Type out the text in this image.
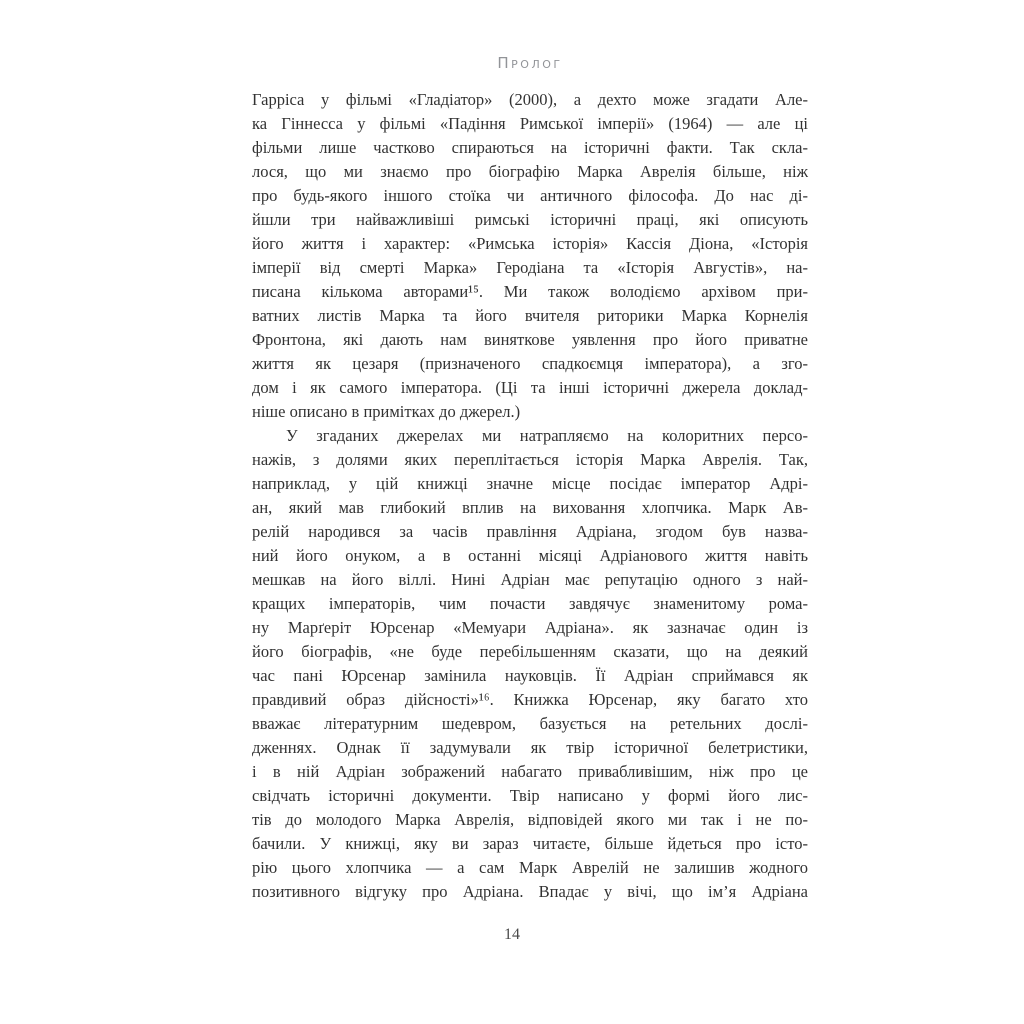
Пролог
Гарріса у фільмі «Гладіатор» (2000), а дехто може згадати Але-
ка Гіннесса у фільмі «Падіння Римської імперії» (1964) — але ці
фільми лише частково спираються на історичні факти. Так скла-
лося, що ми знаємо про біографію Марка Аврелія більше, ніж
про будь-якого іншого стоїка чи античного філософа. До нас ді-
йшли три найважливіші римські історичні праці, які описують
його життя і характер: «Римська історія» Кассія Діона, «Історія
імперії від смерті Марка» Геродіана та «Історія Августів», на-
писана кількома авторами¹⁵. Ми також володіємо архівом при-
ватних листів Марка та його вчителя риторики Марка Корнелія
Фронтона, які дають нам виняткове уявлення про його приватне
життя як цезаря (призначеного спадкоємця імператора), а зго-
дом і як самого імператора. (Ці та інші історичні джерела доклад-
ніше описано в примітках до джерел.)
У згаданих джерелах ми натрапляємо на колоритних персо-
нажів, з долями яких переплітається історія Марка Аврелія. Так,
наприклад, у цій книжці значне місце посідає імператор Адрі-
ан, який мав глибокий вплив на виховання хлопчика. Марк Ав-
релій народився за часів правління Адріана, згодом був назва-
ний його онуком, а в останні місяці Адріанового життя навіть
мешкав на його віллі. Нині Адріан має репутацію одного з най-
кращих імператорів, чим почасти завдячує знаменитому рома-
ну Марґеріт Юрсенар «Мемуари Адріана». як зазначає один із
його біографів, «не буде перебільшенням сказати, що на деякий
час пані Юрсенар замінила науковців. Її Адріан сприймався як
правдивий образ дійсності»¹⁶. Книжка Юрсенар, яку багато хто
вважає літературним шедевром, базується на ретельних дослі-
дженнях. Однак її задумували як твір історичної белетристики,
і в ній Адріан зображений набагато привабливішим, ніж про це
свідчать історичні документи. Твір написано у формі його лис-
тів до молодого Марка Аврелія, відповідей якого ми так і не по-
бачили. У книжці, яку ви зараз читаєте, більше йдеться про істо-
рію цього хлопчика — а сам Марк Аврелій не залишив жодного
позитивного відгуку про Адріана. Впадає у вічі, що ім’я Адріана
14
